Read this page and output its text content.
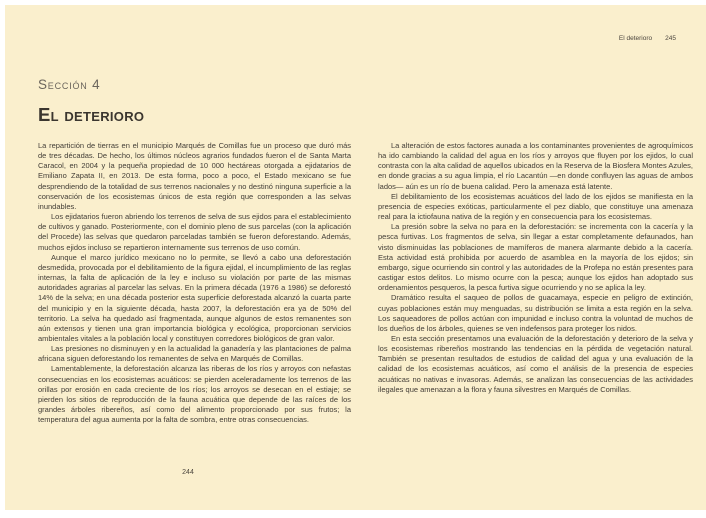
El deterioro 245
Sección 4
El deterioro

La repartición de tierras en el municipio Marqués de Comillas fue un proceso que duró más de tres décadas. De hecho, los últimos núcleos agrarios fundados fueron el de Santa Marta Caracol, en 2004 y la pequeña propiedad de 10 000 hectáreas otorgada a ejidatarios de Emiliano Zapata II, en 2013. De esta forma, poco a poco, el Estado mexicano se fue desprendiendo de la totalidad de sus terrenos nacionales y no destinó ninguna superficie a la conservación de los ecosistemas únicos de esta región que corresponden a las selvas inundables.

Los ejidatarios fueron abriendo los terrenos de selva de sus ejidos para el establecimiento de cultivos y ganado. Posteriormente, con el dominio pleno de sus parcelas (con la aplicación del Procede) las selvas que quedaron parceladas también se fueron deforestando. Además, muchos ejidos incluso se repartieron internamente sus terrenos de uso común.

Aunque el marco jurídico mexicano no lo permite, se llevó a cabo una deforestación desmedida, provocada por el debilitamiento de la figura ejidal, el incumplimiento de las reglas internas, la falta de aplicación de la ley e incluso su violación por parte de las mismas autoridades agrarias al parcelar las selvas. En la primera década (1976 a 1986) se deforestó 14% de la selva; en una década posterior esta superficie deforestada alcanzó la cuarta parte del municipio y en la siguiente década, hasta 2007, la deforestación era ya de 50% del territorio. La selva ha quedado así fragmentada, aunque algunos de estos remanentes son aún extensos y tienen una gran importancia biológica y ecológica, proporcionan servicios ambientales vitales a la población local y constituyen corredores biológicos de gran valor.

Las presiones no disminuyen y en la actualidad la ganadería y las plantaciones de palma africana siguen deforestando los remanentes de selva en Marqués de Comillas.

Lamentablemente, la deforestación alcanza las riberas de los ríos y arroyos con nefastas consecuencias en los ecosistemas acuáticos: se pierden aceleradamente los terrenos de las orillas por erosión en cada creciente de los ríos; los arroyos se desecan en el estiaje; se pierden los sitios de reproducción de la fauna acuática que depende de las raíces de los grandes árboles ribereños, así como del alimento proporcionado por sus frutos; la temperatura del agua aumenta por la falta de sombra, entre otras consecuencias.

La alteración de estos factores aunada a los contaminantes provenientes de agroquímicos ha ido cambiando la calidad del agua en los ríos y arroyos que fluyen por los ejidos, lo cual contrasta con la alta calidad de aquellos ubicados en la Reserva de la Biosfera Montes Azules, en donde gracias a su agua limpia, el río Lacantún —en donde confluyen las aguas de ambos lados— aún es un río de buena calidad. Pero la amenaza está latente.

El debilitamiento de los ecosistemas acuáticos del lado de los ejidos se manifiesta en la presencia de especies exóticas, particularmente el pez diablo, que constituye una amenaza real para la ictiofauna nativa de la región y en consecuencia para los ecosistemas.

La presión sobre la selva no para en la deforestación: se incrementa con la cacería y la pesca furtivas. Los fragmentos de selva, sin llegar a estar completamente defaunados, han visto disminuidas las poblaciones de mamíferos de manera alarmante debido a la cacería. Esta actividad está prohibida por acuerdo de asamblea en la mayoría de los ejidos; sin embargo, sigue ocurriendo sin control y las autoridades de la Profepa no están presentes para castigar estos delitos. Lo mismo ocurre con la pesca; aunque los ejidos han adoptado sus ordenamientos pesqueros, la pesca furtiva sigue ocurriendo y no se aplica la ley.

Dramático resulta el saqueo de pollos de guacamaya, especie en peligro de extinción, cuyas poblaciones están muy menguadas, su distribución se limita a esta región en la selva. Los saqueadores de pollos actúan con impunidad e incluso contra la voluntad de muchos de los dueños de los árboles, quienes se ven indefensos para proteger los nidos.

En esta sección presentamos una evaluación de la deforestación y deterioro de la selva y los ecosistemas ribereños mostrando las tendencias en la pérdida de vegetación natural. También se presentan resultados de estudios de calidad del agua y una evaluación de la calidad de los ecosistemas acuáticos, así como el análisis de la presencia de especies acuáticas no nativas e invasoras. Además, se analizan las consecuencias de las actividades ilegales que amenazan a la flora y fauna silvestres en Marqués de Comillas.

244
